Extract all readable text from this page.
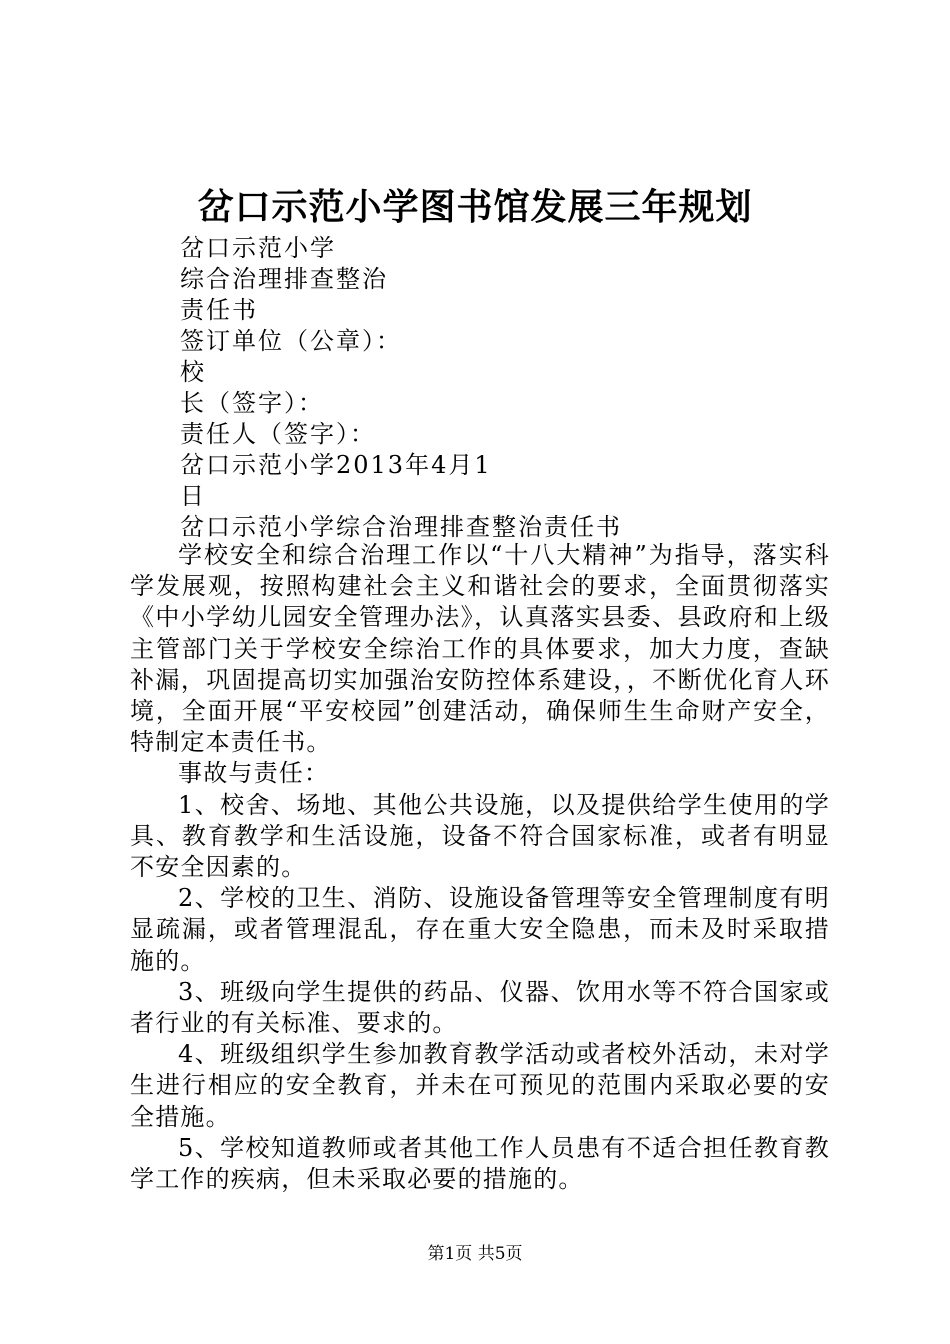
岔口示范小学图书馆发展三年规划
岔口示范小学
综合治理排查整治
责任书
签订单位（公章）：
校
长（签字）：
责任人（签字）：
岔口示范小学2013年4月1
日
岔口示范小学综合治理排查整治责任书

学校安全和综合治理工作以“十八大精神”为指导，落实科学发展观，按照构建社会主义和谐社会的要求，全面贯彻落实《中小学幼儿园安全管理办法》，认真落实县委、县政府和上级主管部门关于学校安全综治工作的具体要求，加大力度，查缺补漏，巩固提高切实加强治安防控体系建设，，不断优化育人环境，全面开展“平安校园”创建活动，确保师生生命财产安全，特制定本责任书。

事故与责任：

1、校舍、场地、其他公共设施，以及提供给学生使用的学具、教育教学和生活设施，设备不符合国家标准，或者有明显不安全因素的。

2、学校的卫生、消防、设施设备管理等安全管理制度有明显疏漏，或者管理混乱，存在重大安全隐患，而未及时采取措施的。

3、班级向学生提供的药品、仪器、饮用水等不符合国家或者行业的有关标准、要求的。

4、班级组织学生参加教育教学活动或者校外活动，未对学生进行相应的安全教育，并未在可预见的范围内采取必要的安全措施。

5、学校知道教师或者其他工作人员患有不适合担任教育教学工作的疾病，但未采取必要的措施的。

第1页 共5页
